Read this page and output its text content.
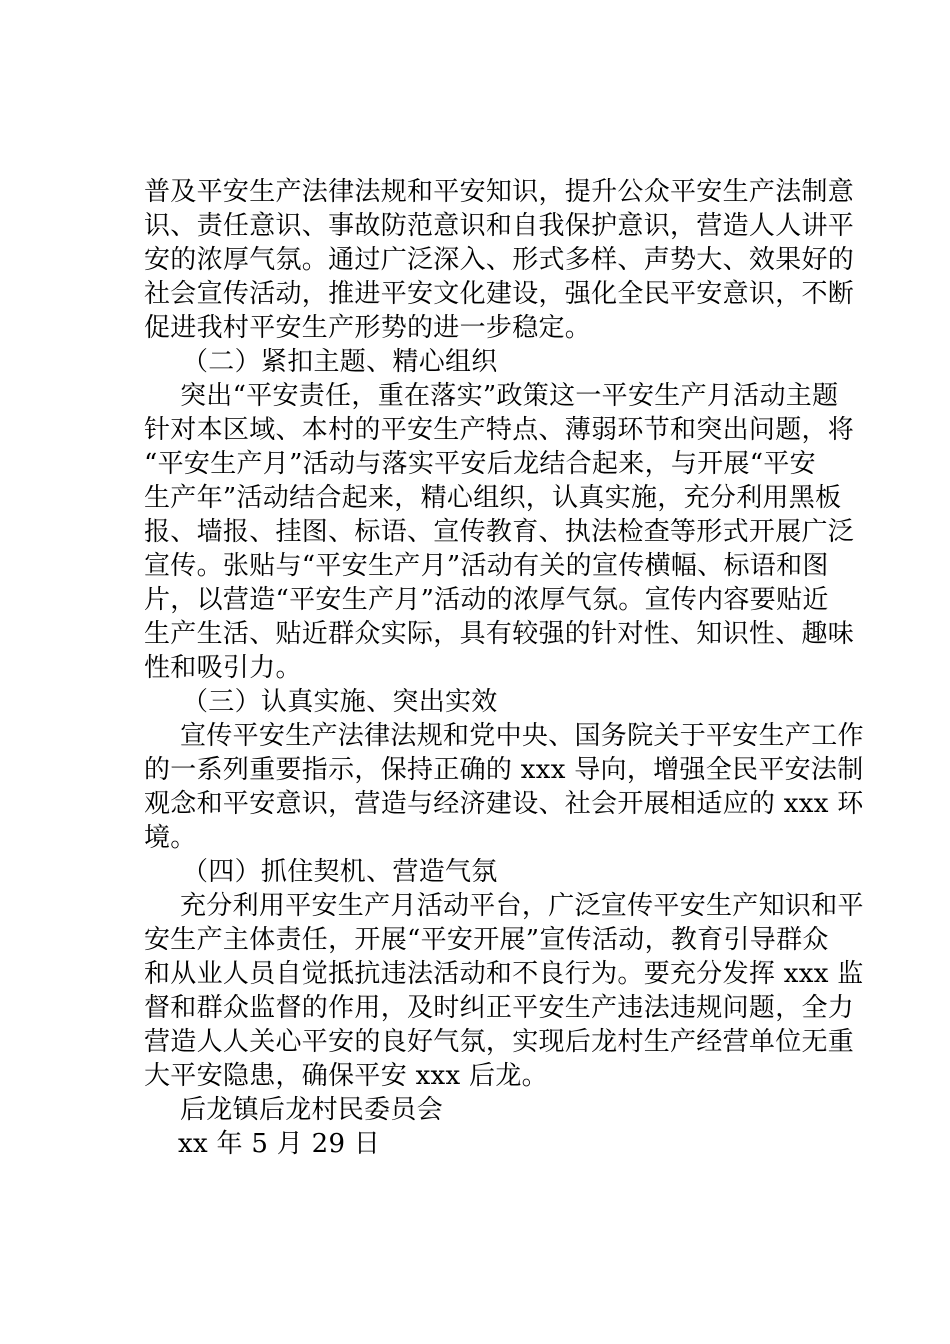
普及平安生产法律法规和平安知识，提升公众平安生产法制意
识、责任意识、事故防范意识和自我保护意识，营造人人讲平
安的浓厚气氛。通过广泛深入、形式多样、声势大、效果好的
社会宣传活动，推进平安文化建设，强化全民平安意识，不断
促进我村平安生产形势的进一步稳定。
（二）紧扣主题、精心组织
突出“平安责任，重在落实”政策这一平安生产月活动主题
针对本区域、本村的平安生产特点、薄弱环节和突出问题，将
“平安生产月”活动与落实平安后龙结合起来，与开展“平安
生产年”活动结合起来，精心组织，认真实施，充分利用黑板
报、墙报、挂图、标语、宣传教育、执法检查等形式开展广泛
宣传。张贴与“平安生产月”活动有关的宣传横幅、标语和图
片，以营造“平安生产月”活动的浓厚气氛。宣传内容要贴近
生产生活、贴近群众实际，具有较强的针对性、知识性、趣味
性和吸引力。
（三）认真实施、突出实效
宣传平安生产法律法规和党中央、国务院关于平安生产工作
的一系列重要指示，保持正确的 xxx 导向，增强全民平安法制
观念和平安意识，营造与经济建设、社会开展相适应的 xxx 环
境。
（四）抓住契机、营造气氛
充分利用平安生产月活动平台，广泛宣传平安生产知识和平
安生产主体责任，开展“平安开展”宣传活动，教育引导群众
和从业人员自觉抵抗违法活动和不良行为。要充分发挥 xxx 监
督和群众监督的作用，及时纠正平安生产违法违规问题，全力
营造人人关心平安的良好气氛，实现后龙村生产经营单位无重
大平安隐患，确保平安 xxx 后龙。
后龙镇后龙村民委员会
xx 年 5 月 29 日
